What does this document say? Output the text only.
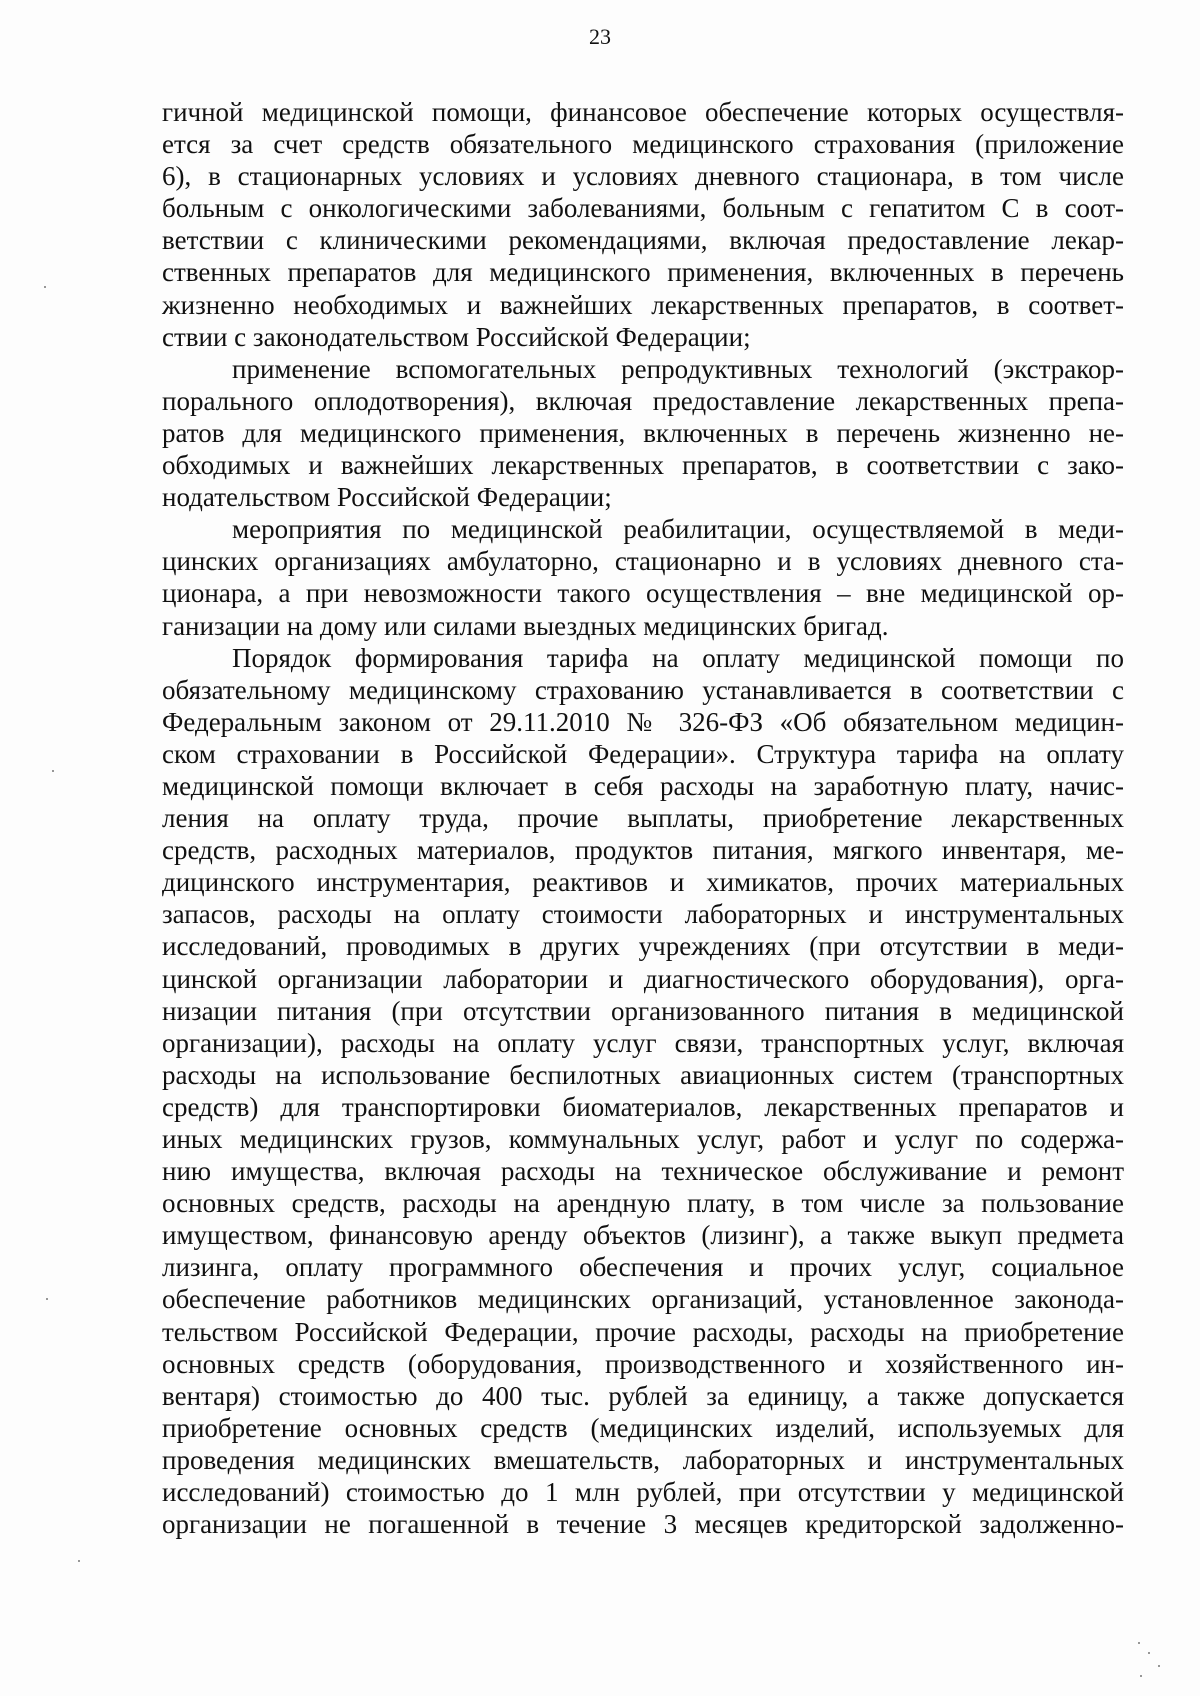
23
гичной медицинской помощи, финансовое обеспечение которых осуществля-
ется за счет средств обязательного медицинского страхования (приложение
6), в стационарных условиях и условиях дневного стационара, в том числе
больным с онкологическими заболеваниями, больным с гепатитом С в соот-
ветствии с клиническими рекомендациями, включая предоставление лекар-
ственных препаратов для медицинского применения, включенных в перечень
жизненно необходимых и важнейших лекарственных препаратов, в соответ-
ствии с законодательством Российской Федерации;
применение вспомогательных репродуктивных технологий (экстракор-
порального оплодотворения), включая предоставление лекарственных препа-
ратов для медицинского применения, включенных в перечень жизненно не-
обходимых и важнейших лекарственных препаратов, в соответствии с зако-
нодательством Российской Федерации;
мероприятия по медицинской реабилитации, осуществляемой в меди-
цинских организациях амбулаторно, стационарно и в условиях дневного ста-
ционара, а при невозможности такого осуществления – вне медицинской ор-
ганизации на дому или силами выездных медицинских бригад.
Порядок формирования тарифа на оплату медицинской помощи по
обязательному медицинскому страхованию устанавливается в соответствии с
Федеральным законом от 29.11.2010 № 326-ФЗ «Об обязательном медицин-
ском страховании в Российской Федерации». Структура тарифа на оплату
медицинской помощи включает в себя расходы на заработную плату, начис-
ления на оплату труда, прочие выплаты, приобретение лекарственных
средств, расходных материалов, продуктов питания, мягкого инвентаря, ме-
дицинского инструментария, реактивов и химикатов, прочих материальных
запасов, расходы на оплату стоимости лабораторных и инструментальных
исследований, проводимых в других учреждениях (при отсутствии в меди-
цинской организации лаборатории и диагностического оборудования), орга-
низации питания (при отсутствии организованного питания в медицинской
организации), расходы на оплату услуг связи, транспортных услуг, включая
расходы на использование беспилотных авиационных систем (транспортных
средств) для транспортировки биоматериалов, лекарственных препаратов и
иных медицинских грузов, коммунальных услуг, работ и услуг по содержа-
нию имущества, включая расходы на техническое обслуживание и ремонт
основных средств, расходы на арендную плату, в том числе за пользование
имуществом, финансовую аренду объектов (лизинг), а также выкуп предмета
лизинга, оплату программного обеспечения и прочих услуг, социальное
обеспечение работников медицинских организаций, установленное законода-
тельством Российской Федерации, прочие расходы, расходы на приобретение
основных средств (оборудования, производственного и хозяйственного ин-
вентаря) стоимостью до 400 тыс. рублей за единицу, а также допускается
приобретение основных средств (медицинских изделий, используемых для
проведения медицинских вмешательств, лабораторных и инструментальных
исследований) стоимостью до 1 млн рублей, при отсутствии у медицинской
организации не погашенной в течение 3 месяцев кредиторской задолженно-
